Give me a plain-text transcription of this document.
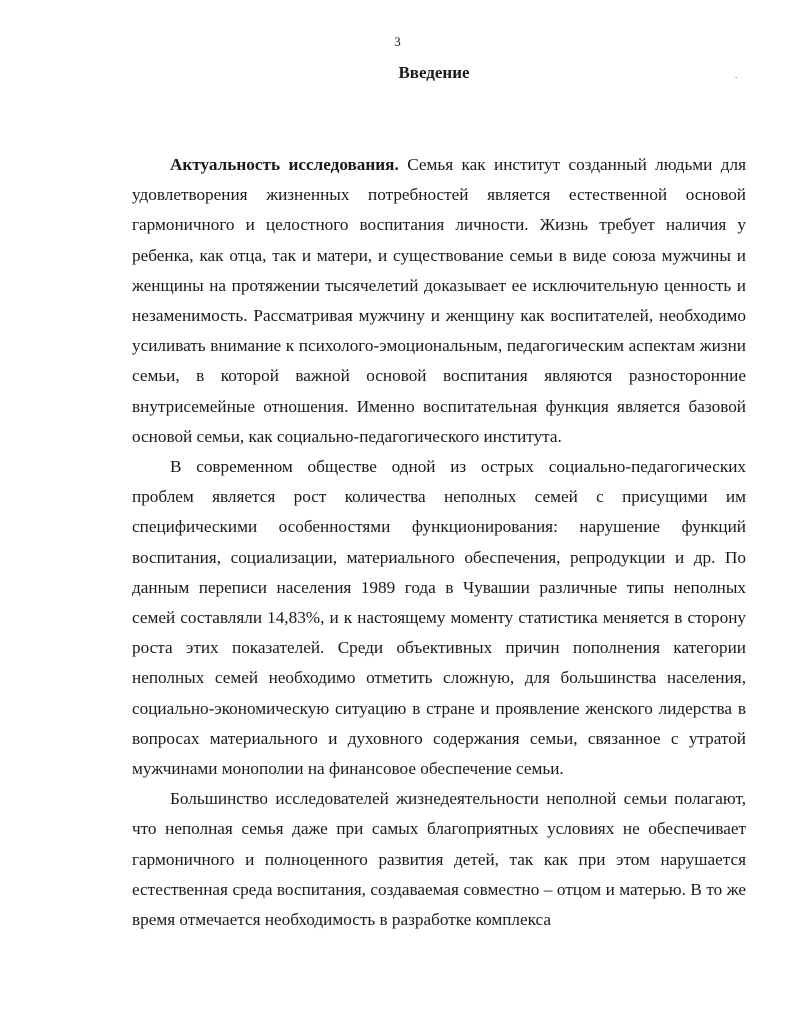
3
Введение	.

Актуальность исследования. Семья как институт созданный людьми для удовлетворения жизненных потребностей является естественной основой гармоничного и целостного воспитания личности. Жизнь требует наличия у ребенка, как отца, так и матери, и существование семьи в виде союза мужчины и женщины на протяжении тысячелетий доказывает ее исключительную ценность и незаменимость. Рассматривая мужчину и женщину как воспитателей, необходимо усиливать внимание к психолого-эмоциональным, педагогическим аспектам жизни семьи, в которой важной основой воспитания являются разносторонние внутрисемейные отношения. Именно воспитательная функция является базовой основой семьи, как социально-педагогического института.

В современном обществе одной из острых социально-педагогических проблем является рост количества неполных семей с присущими им специфическими особенностями функционирования: нарушение функций воспитания, социализации, материального обеспечения, репродукции и др. По данным переписи населения 1989 года в Чувашии различные типы неполных семей составляли 14,83%, и к настоящему моменту статистика меняется в сторону роста этих показателей. Среди объективных причин пополнения категории неполных семей необходимо отметить сложную, для большинства населения, социально-экономическую ситуацию в стране и проявление женского лидерства в вопросах материального и духовного содержания семьи, связанное с утратой мужчинами монополии на финансовое обеспечение семьи.

Большинство исследователей жизнедеятельности неполной семьи полагают, что неполная семья даже при самых благоприятных условиях не обеспечивает гармоничного и полноценного развития детей, так как при этом нарушается естественная среда воспитания, создаваемая совместно – отцом и матерью. В то же время отмечается необходимость в разработке комплекса
